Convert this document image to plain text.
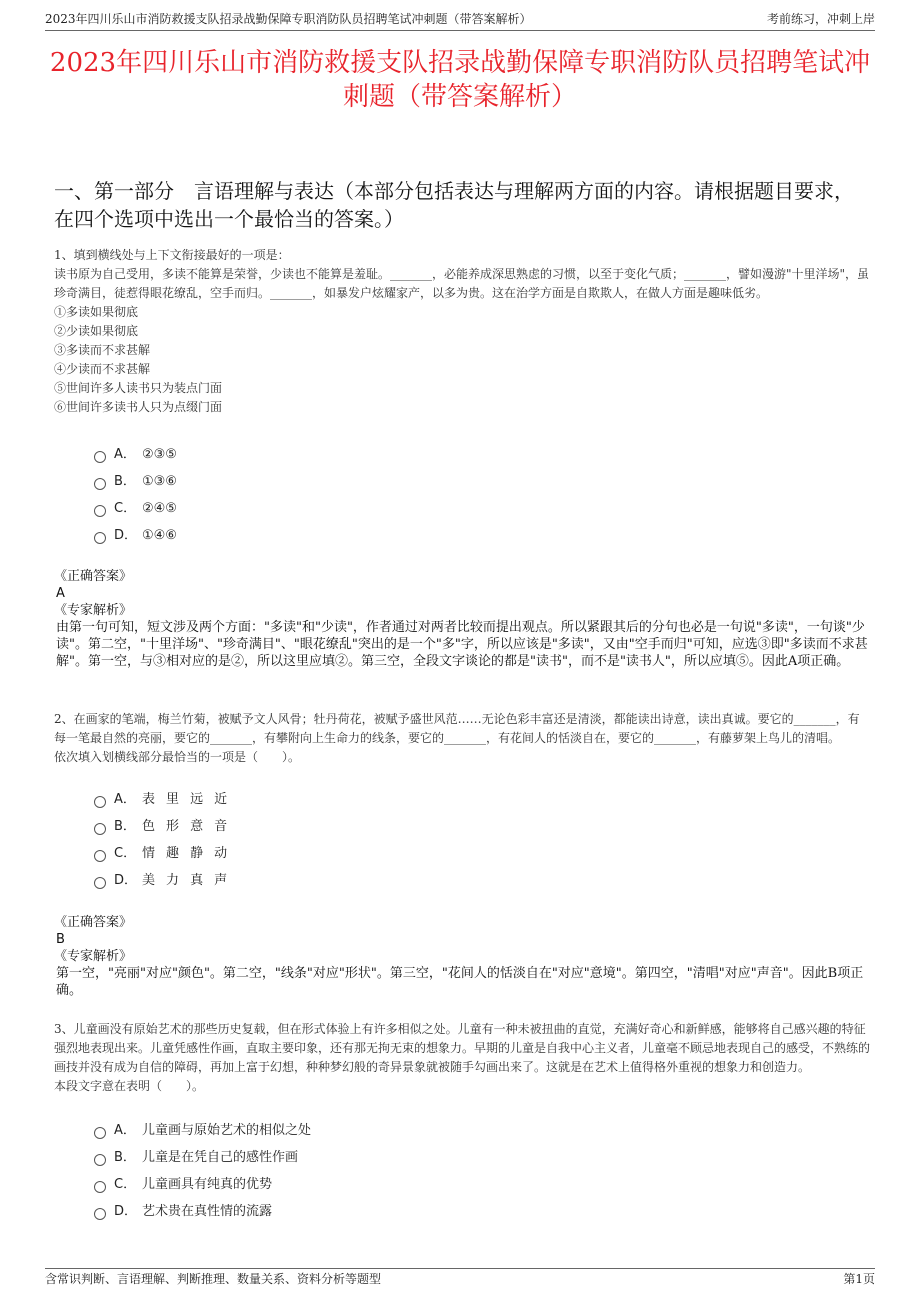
2023年四川乐山市消防救援支队招录战勤保障专职消防队员招聘笔试冲刺题（带答案解析）	考前练习，冲刺上岸
2023年四川乐山市消防救援支队招录战勤保障专职消防队员招聘笔试冲刺题（带答案解析）
一、第一部分　言语理解与表达（本部分包括表达与理解两方面的内容。请根据题目要求，在四个选项中选出一个最恰当的答案。）

1、填到横线处与上下文衔接最好的一项是：

读书原为自己受用，多读不能算是荣誉，少读也不能算是羞耻。_______，必能养成深思熟虑的习惯，以至于变化气质；_______，譬如漫游"十里洋场"，虽珍奇满目，徒惹得眼花缭乱，空手而归。_______，如暴发户炫耀家产，以多为贵。这在治学方面是自欺欺人，在做人方面是趣味低劣。

①多读如果彻底

②少读如果彻底

③多读而不求甚解

④少读而不求甚解

⑤世间许多人读书只为装点门面

⑥世间许多读书人只为点缀门面

A． ②③⑤
B． ①③⑥
C． ②④⑤
D． ①④⑥

《正确答案》

A

《专家解析》

由第一句可知，短文涉及两个方面："多读"和"少读"，作者通过对两者比较而提出观点。所以紧跟其后的分句也必是一句说"多读"，一句谈"少读"。第二空，"十里洋场"、"珍奇满目"、"眼花缭乱"突出的是一个"多"字，所以应该是"多读"，又由"空手而归"可知，应选③即"多读而不求甚解"。第一空，与③相对应的是②，所以这里应填②。第三空，全段文字谈论的都是"读书"，而不是"读书人"，所以应填⑤。因此A项正确。

2、在画家的笔端，梅兰竹菊，被赋予文人风骨；牡丹荷花，被赋予盛世风范……无论色彩丰富还是清淡，都能读出诗意，读出真诚。要它的_______，有每一笔最自然的亮丽，要它的_______，有攀附向上生命力的线条，要它的_______，有花间人的恬淡自在，要它的_______，有藤萝架上鸟儿的清唱。

依次填入划横线部分最恰当的一项是（　　）。

A． 表里远近
B． 色形意音
C． 情趣静动
D． 美力真声

《正确答案》

B

《专家解析》

第一空，"亮丽"对应"颜色"。第二空，"线条"对应"形状"。第三空，"花间人的恬淡自在"对应"意境"。第四空，"清唱"对应"声音"。因此B项正确。

3、儿童画没有原始艺术的那些历史复载，但在形式体验上有许多相似之处。儿童有一种未被扭曲的直觉，充满好奇心和新鲜感，能够将自己感兴趣的特征强烈地表现出来。儿童凭感性作画，直取主要印象，还有那无拘无束的想象力。早期的儿童是自我中心主义者，儿童毫不顾忌地表现自己的感受，不熟练的画技并没有成为自信的障碍，再加上富于幻想，种种梦幻般的奇异景象就被随手勾画出来了。这就是在艺术上值得格外重视的想象力和创造力。

本段文字意在表明（　　）。

A． 儿童画与原始艺术的相似之处
B． 儿童是在凭自己的感性作画
C． 儿童画具有纯真的优势
D． 艺术贵在真性情的流露
含常识判断、言语理解、判断推理、数量关系、资料分析等题型	第1页
